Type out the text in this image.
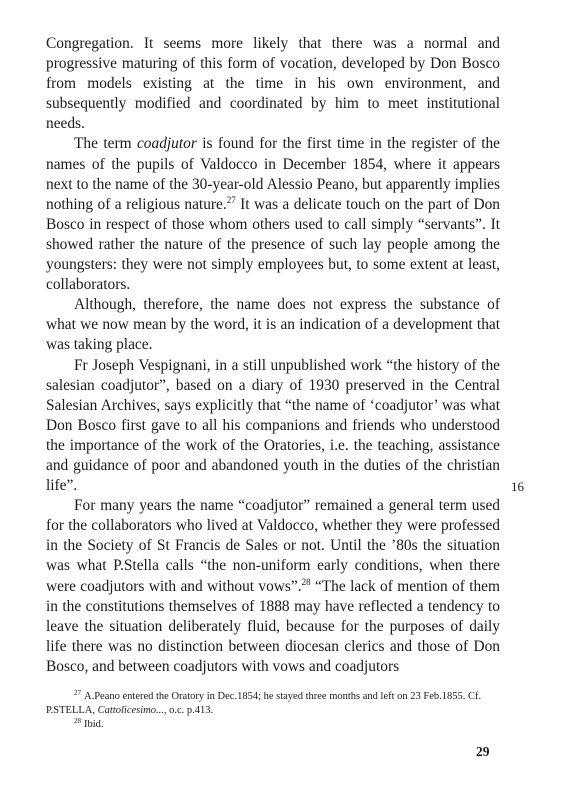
Congregation. It seems more likely that there was a normal and progressive maturing of this form of vocation, developed by Don Bosco from models existing at the time in his own environment, and subsequently modified and coordinated by him to meet institutional needs.

The term coadjutor is found for the first time in the register of the names of the pupils of Valdocco in December 1854, where it appears next to the name of the 30-year-old Alessio Peano, but apparently implies nothing of a religious nature.$^{27}$ It was a delicate touch on the part of Don Bosco in respect of those whom others used to call simply “servants”. It showed rather the nature of the presence of such lay people among the youngsters: they were not simply employees but, to some extent at least, collaborators.

Although, therefore, the name does not express the substance of what we now mean by the word, it is an indication of a development that was taking place.

Fr Joseph Vespignani, in a still unpublished work “the history of the salesian coadjutor”, based on a diary of 1930 preserved in the Central Salesian Archives, says explicitly that “the name of ‘coadjutor’ was what Don Bosco first gave to all his companions and friends who understood the importance of the work of the Oratories, i.e. the teaching, assistance and guidance of poor and abandoned youth in the duties of the christian life”.

For many years the name “coadjutor” remained a general term used for the collaborators who lived at Valdocco, whether they were professed in the Society of St Francis de Sales or not. Until the ’80s the situation was what P.Stella calls “the non-uniform early conditions, when there were coadjutors with and without vows”.$^{28}$ “The lack of mention of them in the constitutions themselves of 1888 may have reflected a tendency to leave the situation deliberately fluid, because for the purposes of daily life there was no distinction between diocesan clerics and those of Don Bosco, and between coadjutors with vows and coadjutors

16

$^{27}$ A.Peano entered the Oratory in Dec.1854; he stayed three months and left on 23 Feb.1855. Cf. P.STELLA, Cattolicesimo..., o.c. p.413.

$^{28}$ Ibid.

29
